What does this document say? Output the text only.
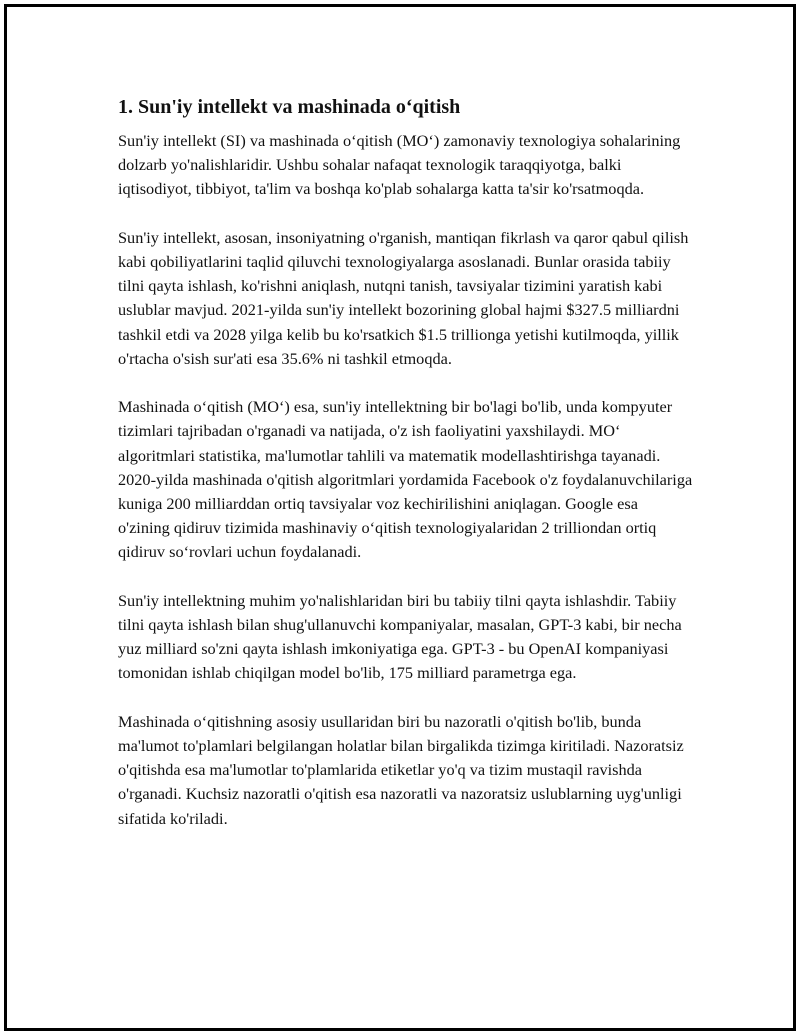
1. Sun'iy intellekt va mashinada o‘qitish

Sun'iy intellekt (SI) va mashinada o‘qitish (MO‘) zamonaviy texnologiya sohalarining dolzarb yo'nalishlaridir. Ushbu sohalar nafaqat texnologik taraqqiyotga, balki iqtisodiyot, tibbiyot, ta'lim va boshqa ko'plab sohalarga katta ta'sir ko'rsatmoqda.

Sun'iy intellekt, asosan, insoniyatning o'rganish, mantiqan fikrlash va qaror qabul qilish kabi qobiliyatlarini taqlid qiluvchi texnologiyalarga asoslanadi. Bunlar orasida tabiiy tilni qayta ishlash, ko'rishni aniqlash, nutqni tanish, tavsiyalar tizimini yaratish kabi uslublar mavjud. 2021-yilda sun'iy intellekt bozorining global hajmi $327.5 milliardni tashkil etdi va 2028 yilga kelib bu ko'rsatkich $1.5 trillionga yetishi kutilmoqda, yillik o'rtacha o'sish sur'ati esa 35.6% ni tashkil etmoqda.

Mashinada o‘qitish (MO‘) esa, sun'iy intellektning bir bo'lagi bo'lib, unda kompyuter tizimlari tajribadan o'rganadi va natijada, o'z ish faoliyatini yaxshilaydi. MO‘ algoritmlari statistika, ma'lumotlar tahlili va matematik modellashtirishga tayanadi. 2020-yilda mashinada o'qitish algoritmlari yordamida Facebook o'z foydalanuvchilariga kuniga 200 milliarddan ortiq tavsiyalar voz kechirilishini aniqlagan. Google esa o'zining qidiruv tizimida mashinaviy o‘qitish texnologiyalaridan 2 trilliondan ortiq qidiruv so‘rovlari uchun foydalanadi.

Sun'iy intellektning muhim yo'nalishlaridan biri bu tabiiy tilni qayta ishlashdir. Tabiiy tilni qayta ishlash bilan shug'ullanuvchi kompaniyalar, masalan, GPT-3 kabi, bir necha yuz milliard so'zni qayta ishlash imkoniyatiga ega. GPT-3 - bu OpenAI kompaniyasi tomonidan ishlab chiqilgan model bo'lib, 175 milliard parametrga ega.

Mashinada o‘qitishning asosiy usullaridan biri bu nazoratli o'qitish bo'lib, bunda ma'lumot to'plamlari belgilangan holatlar bilan birgalikda tizimga kiritiladi. Nazoratsiz o'qitishda esa ma'lumotlar to'plamlarida etiketlar yo'q va tizim mustaqil ravishda o'rganadi. Kuchsiz nazoratli o'qitish esa nazoratli va nazoratsiz uslublarning uyg'unligi sifatida ko'riladi.
